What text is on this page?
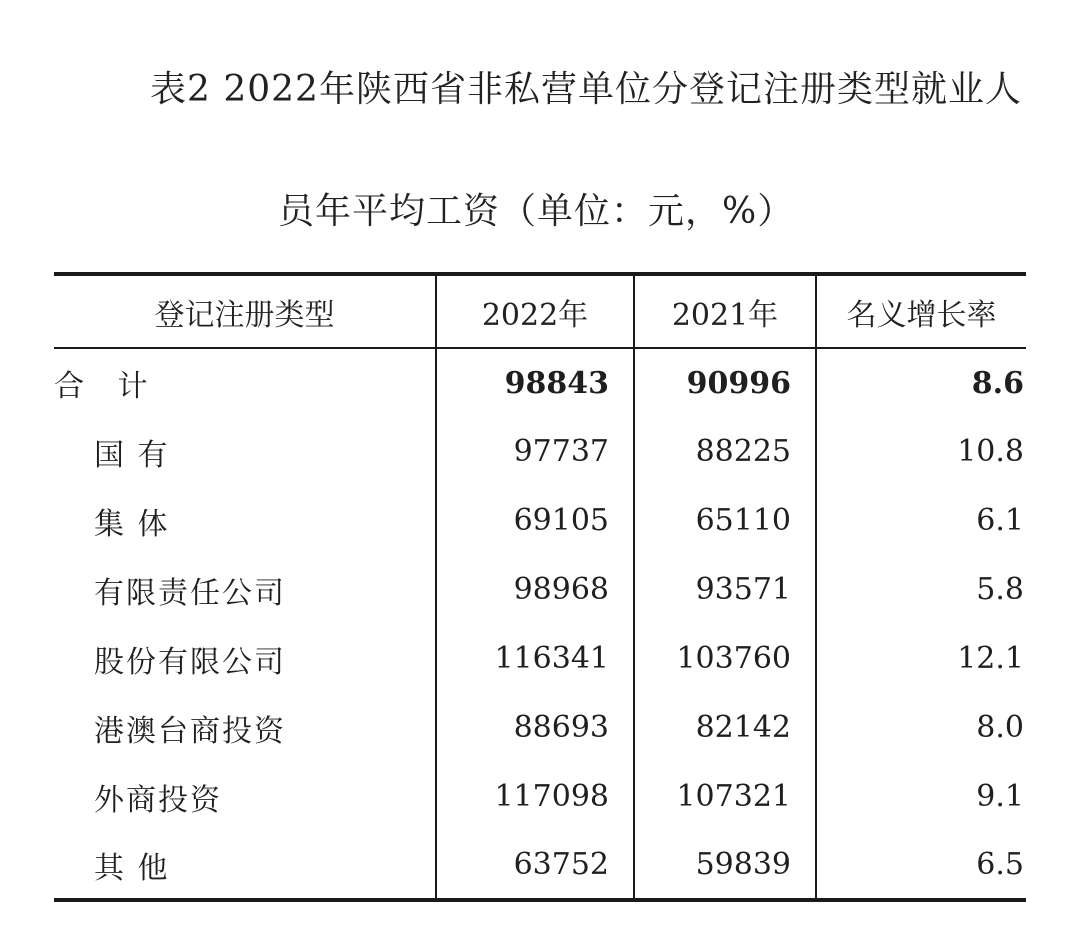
表2 2022年陕西省非私营单位分登记注册类型就业人
员年平均工资（单位：元，%）
登记注册类型	2022年	2021年	名义增长率
合 计	98843	90996	8.6
国 有	97737	88225	10.8
集 体	69105	65110	6.1
有限责任公司	98968	93571	5.8
股份有限公司	116341	103760	12.1
港澳台商投资	88693	82142	8.0
外商投资	117098	107321	9.1
其 他	63752	59839	6.5
